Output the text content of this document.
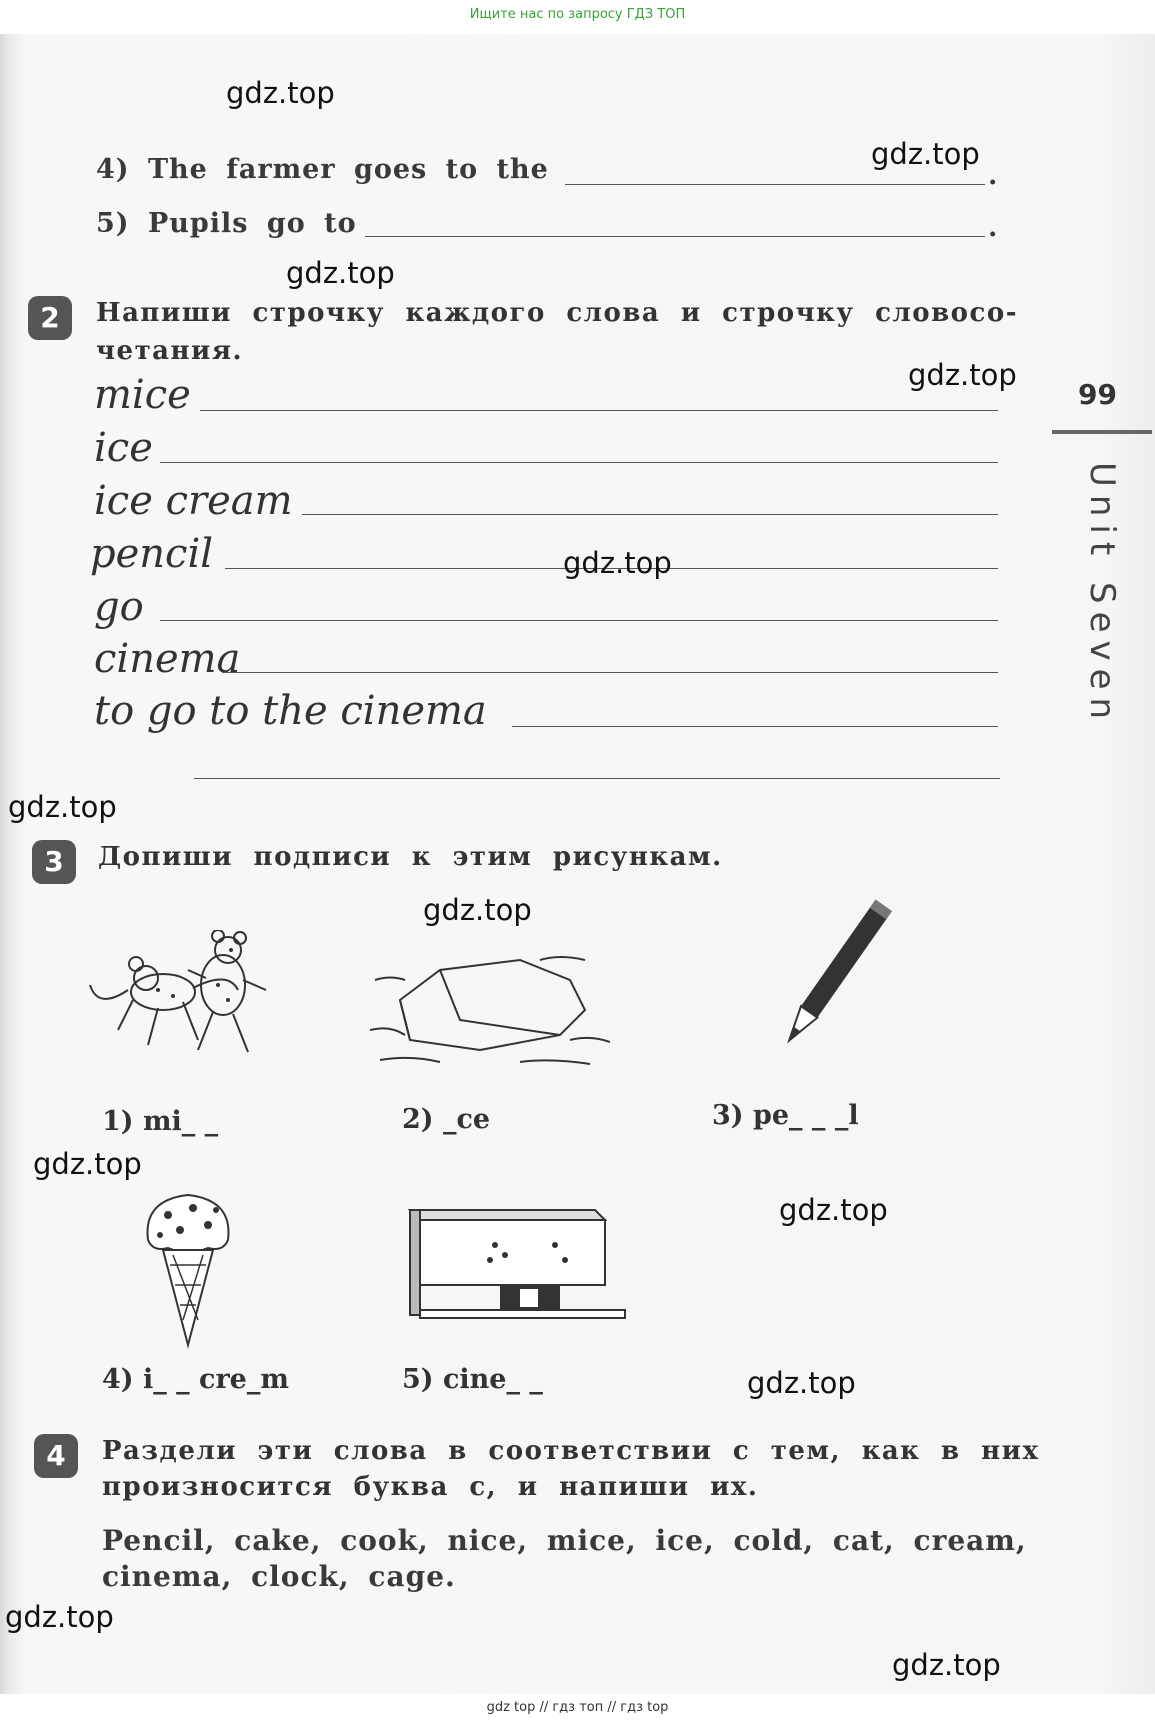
Ищите нас по запросу ГДЗ ТОП
99
Unit Seven
4) The farmer goes to the	.
5) Pupils go to	.
2	Напиши строчку каждого слова и строчку словосо-
четания.
mice
ice
ice cream
pencil
go
cinema
to go to the cinema
3	Допиши подписи к этим рисункам.
1) mi_ _	2) _ce	3) pe_ _ _l
4) i_ _ cre_m	5) cine_ _
4	Раздели эти слова в соответствии с тем, как в них
произносится буква с, и напиши их.
Pencil, cake, cook, nice, mice, ice, cold, cat, cream,
cinema, clock, cage.
gdz.top
gdz.top
gdz.top
gdz.top
gdz.top
gdz.top
gdz.top
gdz.top
gdz.top
gdz.top
gdz.top
gdz.top
gdz top // гдз топ // гдз top
